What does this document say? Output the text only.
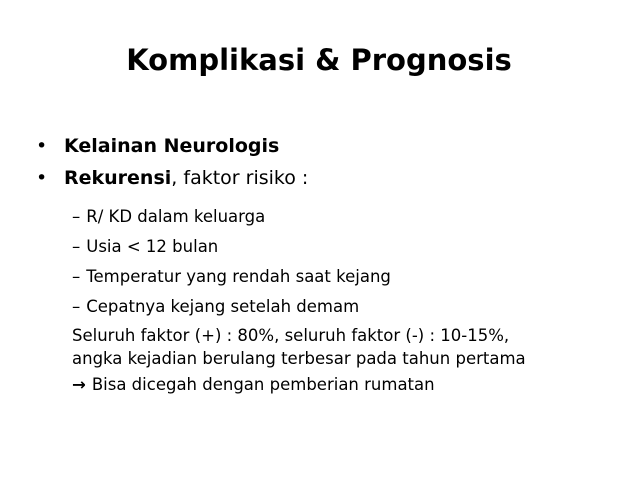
Komplikasi & Prognosis
• Kelainan Neurologis
• Rekurensi, faktor risiko :
– R/ KD dalam keluarga
– Usia < 12 bulan
– Temperatur yang rendah saat kejang
– Cepatnya kejang setelah demam
Seluruh faktor (+) : 80%, seluruh faktor (-) : 10-15%,
angka kejadian berulang terbesar pada tahun pertama
→ Bisa dicegah dengan pemberian rumatan
